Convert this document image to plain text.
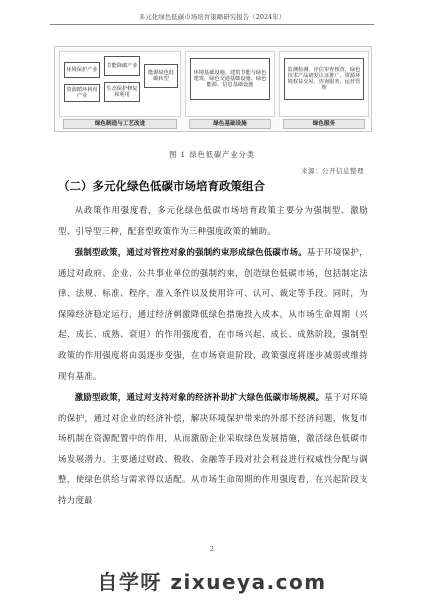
多元化绿色低碳市场培育策略研究报告（2024年）
环境保护产业
节能降碳产业
能源绿色低碳转型
资源循环利用产业
生态保护修复和利用
绿色制造与工艺改进
环境基础设施、建筑节能与绿色建筑、绿色交通基础设施、绿色能源、信息基础设施
绿色基础设施
监测检测、评估审查核查、绿色技术产品研发认证推广、资源环境权益交易、咨询服务、运营管理
绿色服务
图 1 绿色低碳产业分类
来源：公开信息整理
（二）多元化绿色低碳市场培育政策组合

从政策作用强度看，多元化绿色低碳市场培育政策主要分为强制型、激励型、引导型三种，配套型政策作为三种强度政策的辅助。

强制型政策，通过对管控对象的强制约束形成绿色低碳市场。基于环境保护，通过对政府、企业、公共事业单位的强制约束，创造绿色低碳市场，包括制定法律、法规、标准、程序，准入条件以及使用许可、认可、裁定等手段。同时，为保障经济稳定运行，通过经济刺激降低绿色措施投入成本。从市场生命周期（兴起、成长、成熟、衰退）的作用强度看，在市场兴起、成长、成熟阶段，强制型政策的作用强度将由弱逐步变强，在市场衰退阶段，政策强度将逐步减弱或维持现有基准。

激励型政策，通过对支持对象的经济补助扩大绿色低碳市场规模。基于对环境的保护，通过对企业的经济补偿，解决环境保护带来的外部不经济问题，恢复市场机制在资源配置中的作用，从而激励企业采取绿色发展措施，激活绿色低碳市场发展潜力。主要通过财政、税收、金融等手段对社会利益进行权威性分配与调整，使绿色供给与需求得以适配。从市场生命周期的作用强度看，在兴起阶段支持力度最

2
自学呀 zixueya.com
